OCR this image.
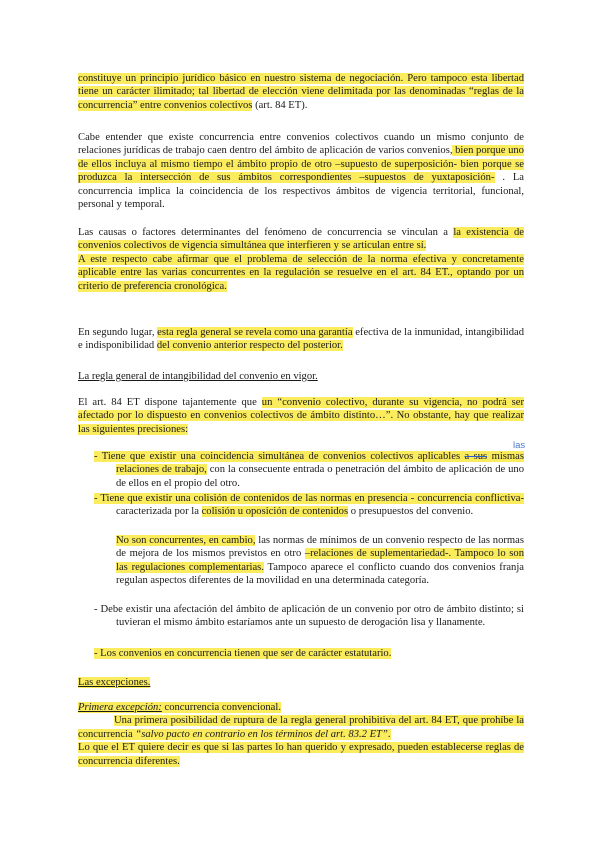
constituye un principio jurídico básico en nuestro sistema de negociación. Pero tampoco esta libertad tiene un carácter ilimitado; tal libertad de elección viene delimitada por las denominadas “reglas de la concurrencia” entre convenios colectivos (art. 84 ET).

Cabe entender que existe concurrencia entre convenios colectivos cuando un mismo conjunto de relaciones jurídicas de trabajo caen dentro del ámbito de aplicación de varios convenios, bien porque uno de ellos incluya al mismo tiempo el ámbito propio de otro –supuesto de superposición- bien porque se produzca la intersección de sus ámbitos correspondientes –supuestos de yuxtaposición- . La concurrencia implica la coincidencia de los respectivos ámbitos de vigencia territorial, funcional, personal y temporal.

Las causas o factores determinantes del fenómeno de concurrencia se vinculan a la existencia de convenios colectivos de vigencia simultánea que interfieren y se articulan entre sí.
A este respecto cabe afirmar que el problema de selección de la norma efectiva y concretamente aplicable entre las varias concurrentes en la regulación se resuelve en el art. 84 ET., optando por un criterio de preferencia cronológica.

En segundo lugar, esta regla general se revela como una garantía efectiva de la inmunidad, intangibilidad e indisponibilidad del convenio anterior respecto del posterior.

La regla general de intangibilidad del convenio en vigor.

El art. 84 ET dispone tajantemente que un “convenio colectivo, durante su vigencia, no podrá ser afectado por lo dispuesto en convenios colectivos de ámbito distinto…”. No obstante, hay que realizar las siguientes precisiones:

las

- Tiene que existir una coincidencia simultánea de convenios colectivos aplicables a sus mismas relaciones de trabajo, con la consecuente entrada o penetración del ámbito de aplicación de uno de ellos en el propio del otro.

- Tiene que existir una colisión de contenidos de las normas en presencia - concurrencia conflictiva- caracterizada por la colisión u oposición de contenidos o presupuestos del convenio.

No son concurrentes, en cambio, las normas de mínimos de un convenio respecto de las normas de mejora de los mismos previstos en otro –relaciones de suplementariedad-. Tampoco lo son las regulaciones complementarias. Tampoco aparece el conflicto cuando dos convenios franja regulan aspectos diferentes de la movilidad en una determinada categoría.

- Debe existir una afectación del ámbito de aplicación de un convenio por otro de ámbito distinto; si tuvieran el mismo ámbito estaríamos ante un supuesto de derogación lisa y llanamente.

- Los convenios en concurrencia tienen que ser de carácter estatutario.

Las excepciones.

Primera excepción: concurrencia convencional.
Una primera posibilidad de ruptura de la regla general prohibitiva del art. 84 ET, que prohíbe la concurrencia “salvo pacto en contrario en los términos del art. 83.2 ET”.
Lo que el ET quiere decir es que si las partes lo han querido y expresado, pueden establecerse reglas de concurrencia diferentes.
